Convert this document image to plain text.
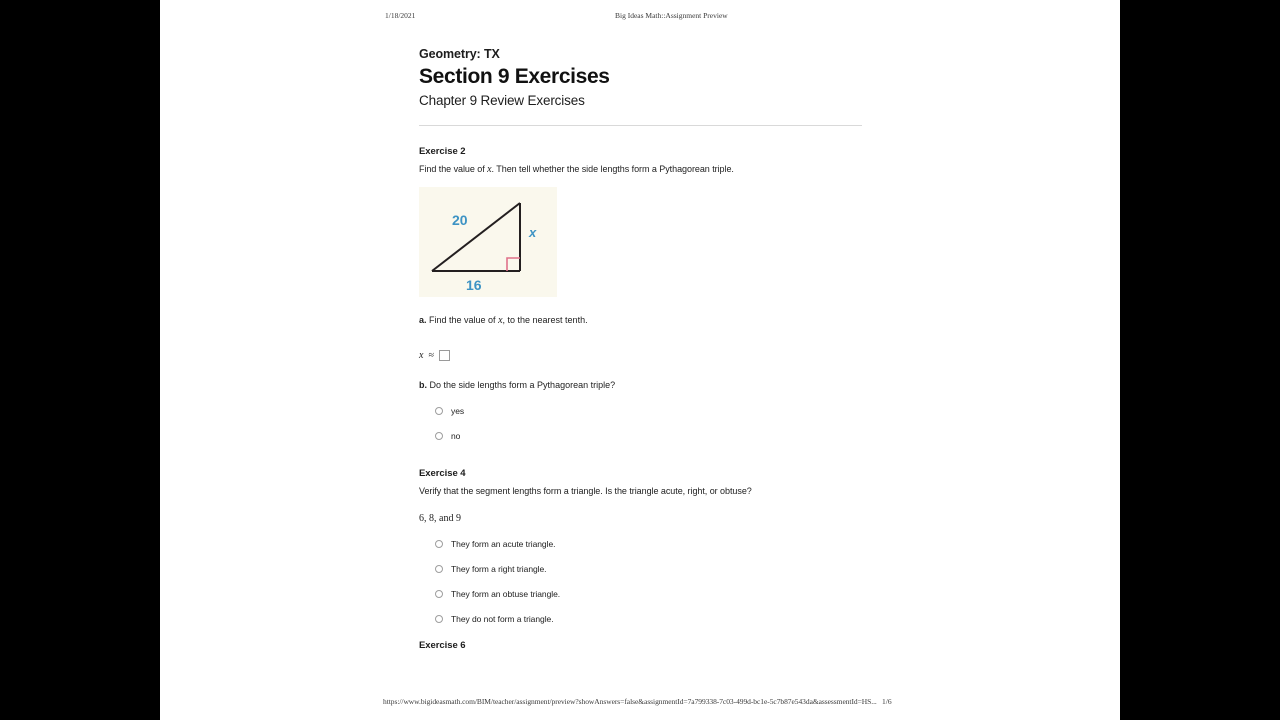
1/18/2021	Big Ideas Math::Assignment Preview
Geometry: TX
Section 9 Exercises
Chapter 9 Review Exercises
Exercise 2
Find the value of x. Then tell whether the side lengths form a Pythagorean triple.
20
16
x
a. Find the value of x, to the nearest tenth.
x ≈
b. Do the side lengths form a Pythagorean triple?
yes
no
Exercise 4
Verify that the segment lengths form a triangle. Is the triangle acute, right, or obtuse?
6, 8, and 9
They form an acute triangle.
They form a right triangle.
They form an obtuse triangle.
They do not form a triangle.
Exercise 6
https://www.bigideasmath.com/BIM/teacher/assignment/preview?showAnswers=false&assignmentId=7a799338-7c03-499d-bc1e-5c7b87e543da&assessmentId=HS... 1/6
